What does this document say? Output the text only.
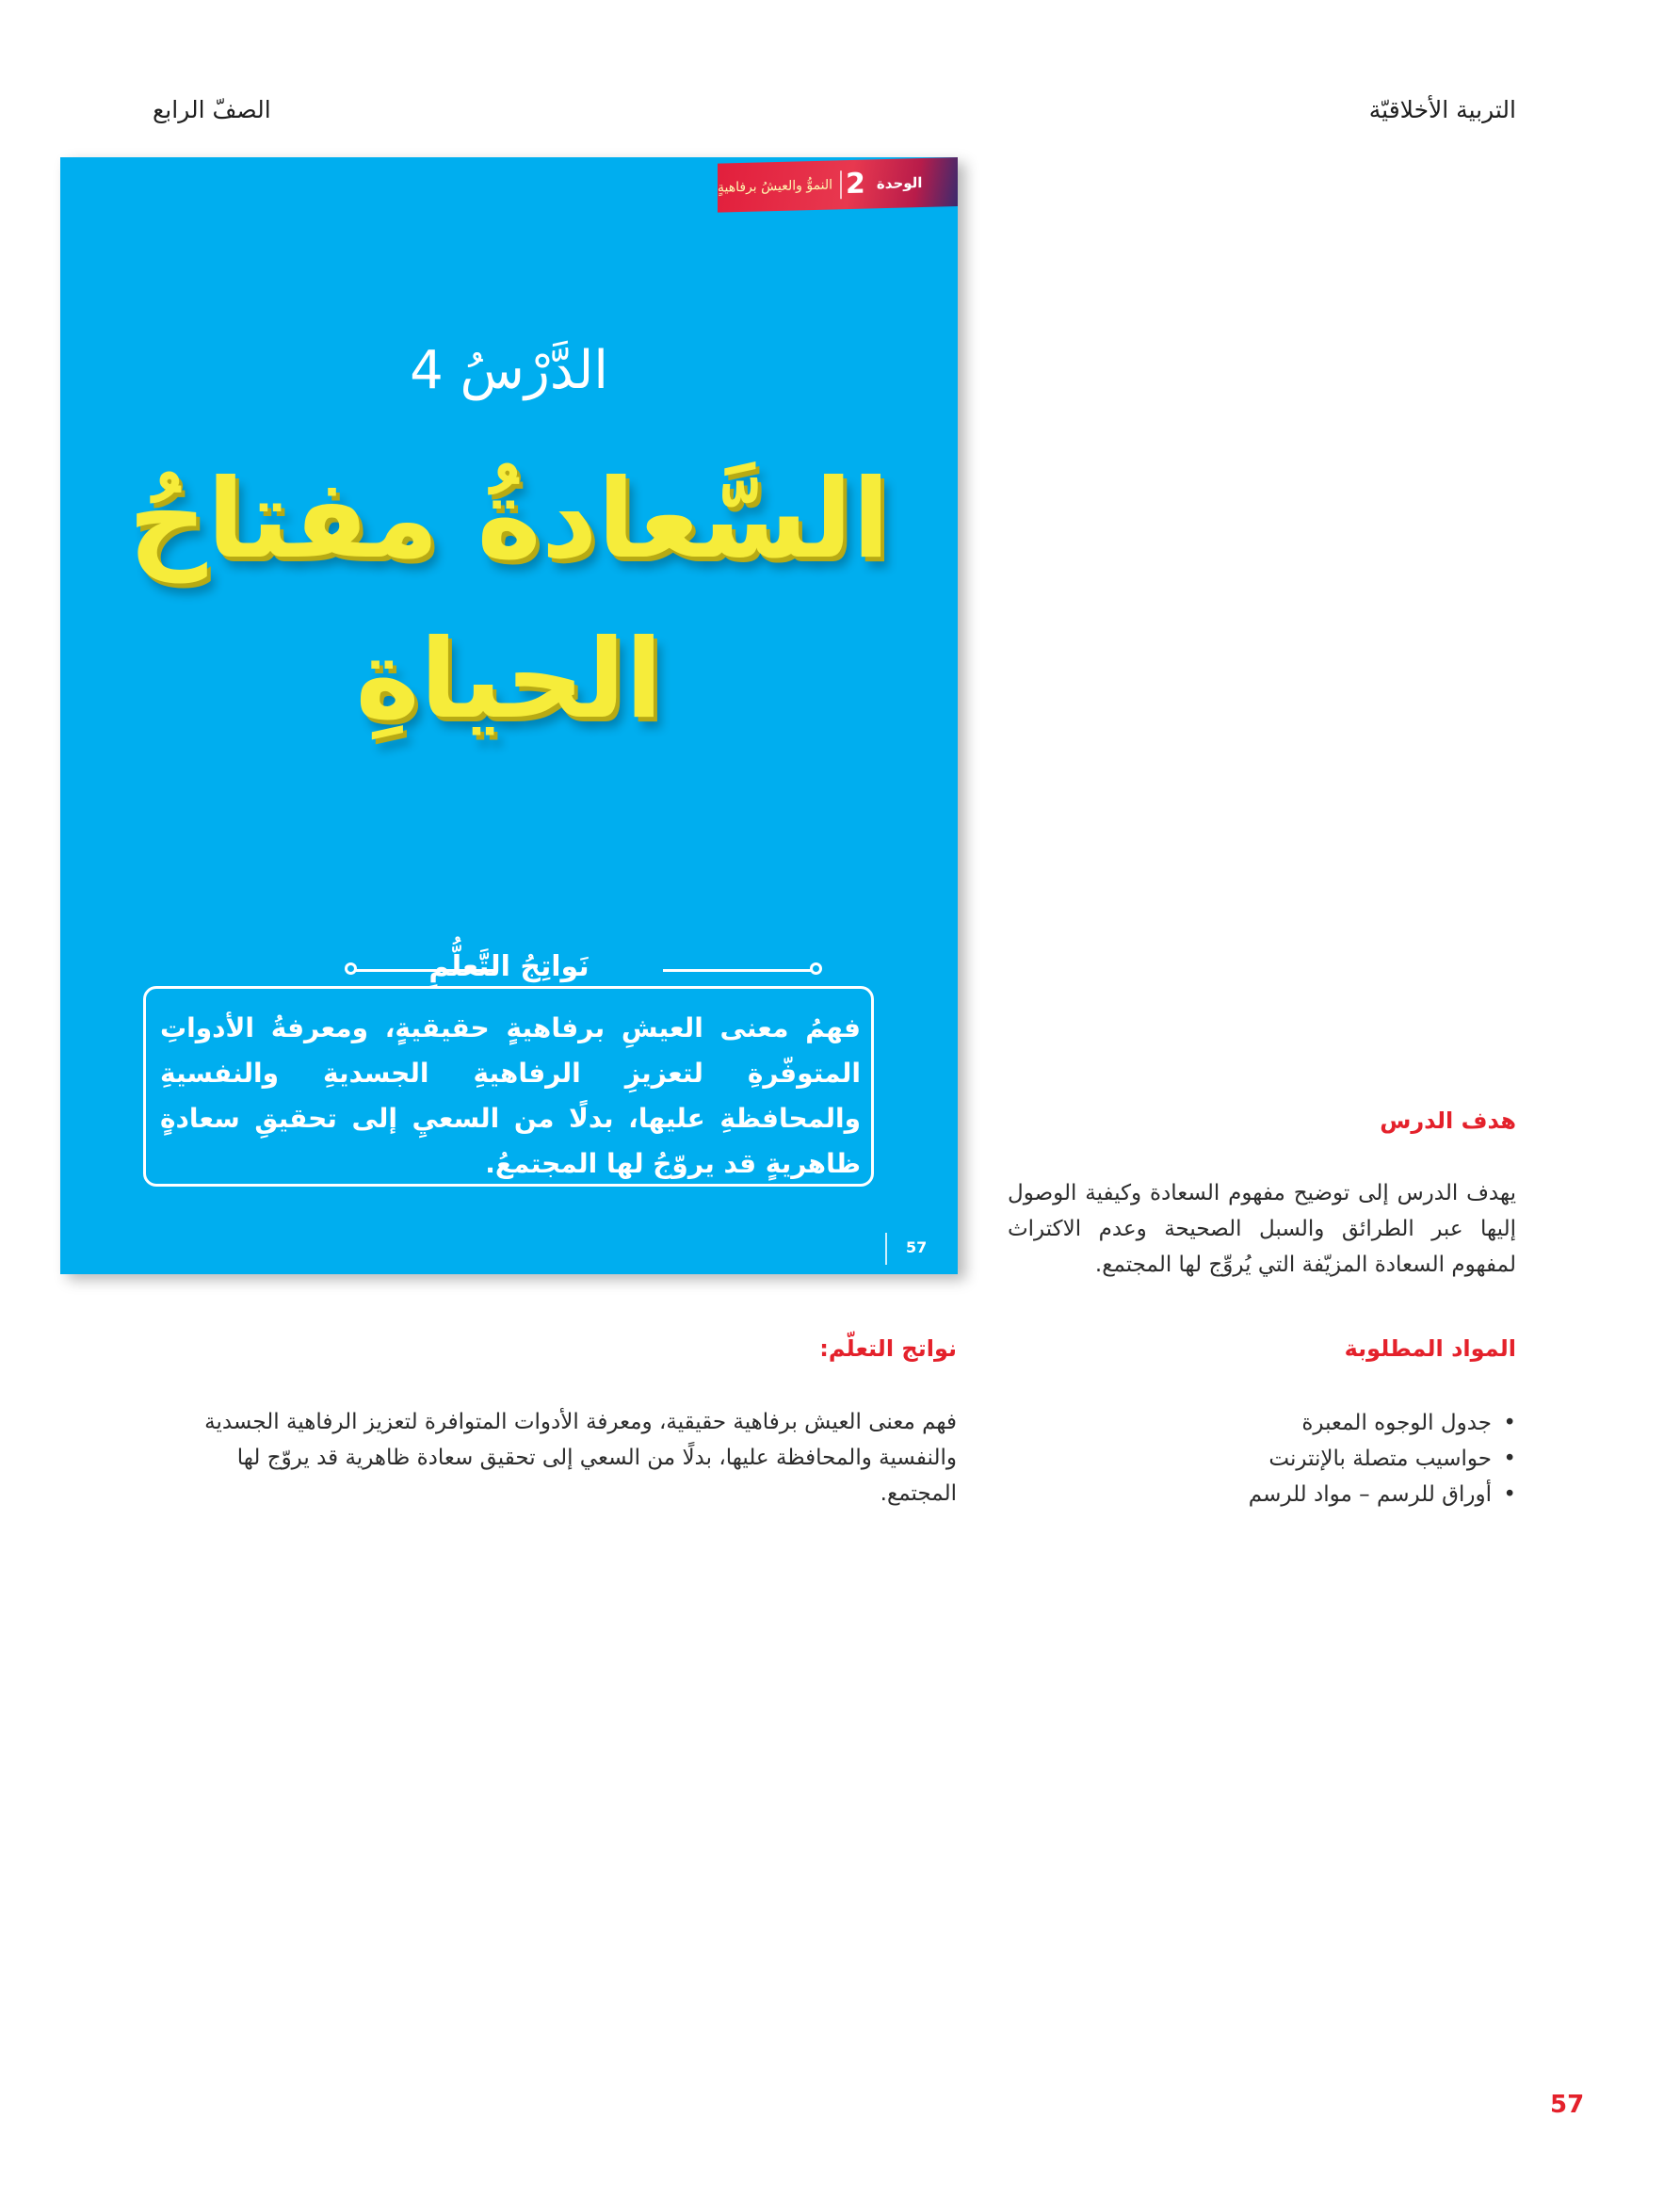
التربية الأخلاقيّة
الصفّ الرابع
الوحدة
2
النموُّ والعيشُ برفاهيةٍ
الدَّرْسُ 4
السَّعادةُ مفتاحُ
الحياةِ
نَواتِجُ التَّعلُّمِ
فهمُ معنى العيشِ برفاهيةٍ حقيقيةٍ، ومعرفةُ الأدواتِ المتوفّرةِ لتعزيزِ الرفاهيةِ الجسديةِ والنفسيةِ والمحافظةِ عليها، بدلًا من السعيِ إلى تحقيقِ سعادةٍ ظاهريةٍ قد يروّجُ لها المجتمعُ.
57
هدف الدرس
يهدف الدرس إلى توضيح مفهوم السعادة وكيفية الوصول إليها عبر الطرائق والسبل الصحيحة وعدم الاكتراث لمفهوم السعادة المزيّفة التي يُروِّج لها المجتمع.
المواد المطلوبة
• جدول الوجوه المعبرة
• حواسيب متصلة بالإنترنت
• أوراق للرسم – مواد للرسم
نواتج التعلّم:
فهم معنى العيش برفاهية حقيقية، ومعرفة الأدوات المتوافرة لتعزيز الرفاهية الجسدية والنفسية والمحافظة عليها، بدلًا من السعي إلى تحقيق سعادة ظاهرية قد يروّج لها المجتمع.
57
